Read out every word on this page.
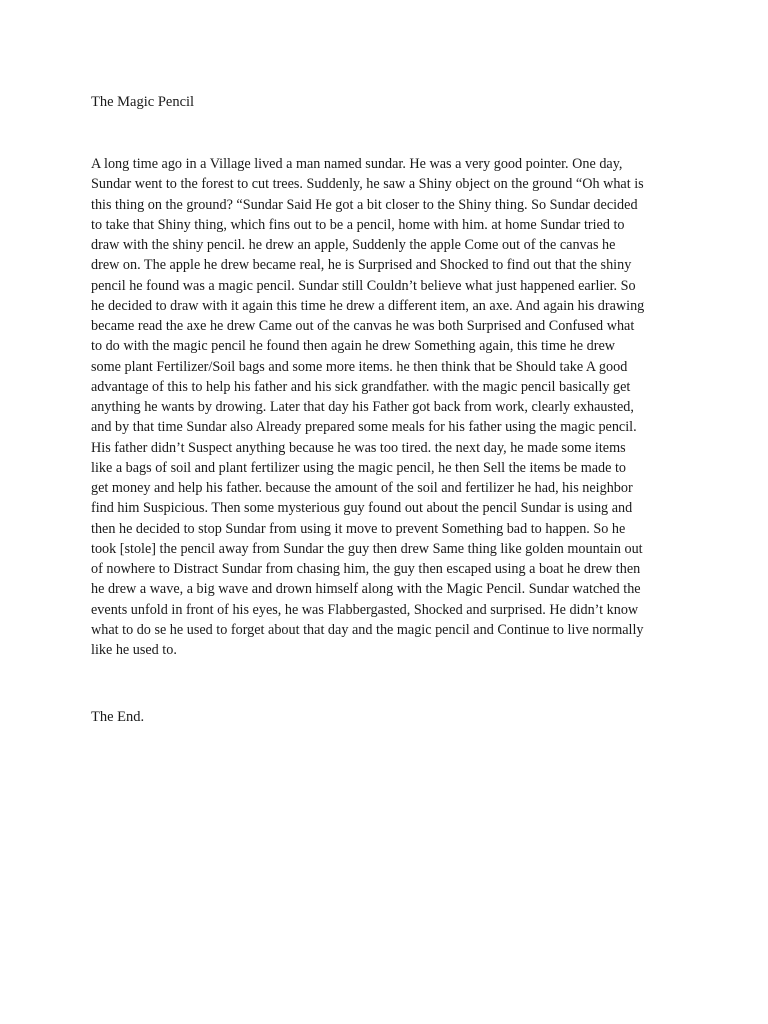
The Magic Pencil
A long time ago in a Village lived a man named sundar. He was a very good pointer. One day,
Sundar went to the forest to cut trees. Suddenly, he saw a Shiny object on the ground “Oh what is
this thing on the ground? “Sundar Said He got a bit closer to the Shiny thing. So Sundar decided
to take that Shiny thing, which fins out to be a pencil, home with him. at home Sundar tried to
draw with the shiny pencil. he drew an apple, Suddenly the apple Come out of the canvas he
drew on. The apple he drew became real, he is Surprised and Shocked to find out that the shiny
pencil he found was a magic pencil. Sundar still Couldn’t believe what just happened earlier. So
he decided to draw with it again this time he drew a different item, an axe. And again his drawing
became read the axe he drew Came out of the canvas he was both Surprised and Confused what
to do with the magic pencil he found then again he drew Something again, this time he drew
some plant Fertilizer/Soil bags and some more items. he then think that be Should take A good
advantage of this to help his father and his sick grandfather. with the magic pencil basically get
anything he wants by drowing. Later that day his Father got back from work, clearly exhausted,
and by that time Sundar also Already prepared some meals for his father using the magic pencil.
His father didn’t Suspect anything because he was too tired. the next day, he made some items
like a bags of soil and plant fertilizer using the magic pencil, he then Sell the items be made to
get money and help his father. because the amount of the soil and fertilizer he had, his neighbor
find him Suspicious. Then some mysterious guy found out about the pencil Sundar is using and
then he decided to stop Sundar from using it move to prevent Something bad to happen. So he
took [stole] the pencil away from Sundar the guy then drew Same thing like golden mountain out
of nowhere to Distract Sundar from chasing him, the guy then escaped using a boat he drew then
he drew a wave, a big wave and drown himself along with the Magic Pencil. Sundar watched the
events unfold in front of his eyes, he was Flabbergasted, Shocked and surprised. He didn’t know
what to do se he used to forget about that day and the magic pencil and Continue to live normally
like he used to.

The End.
